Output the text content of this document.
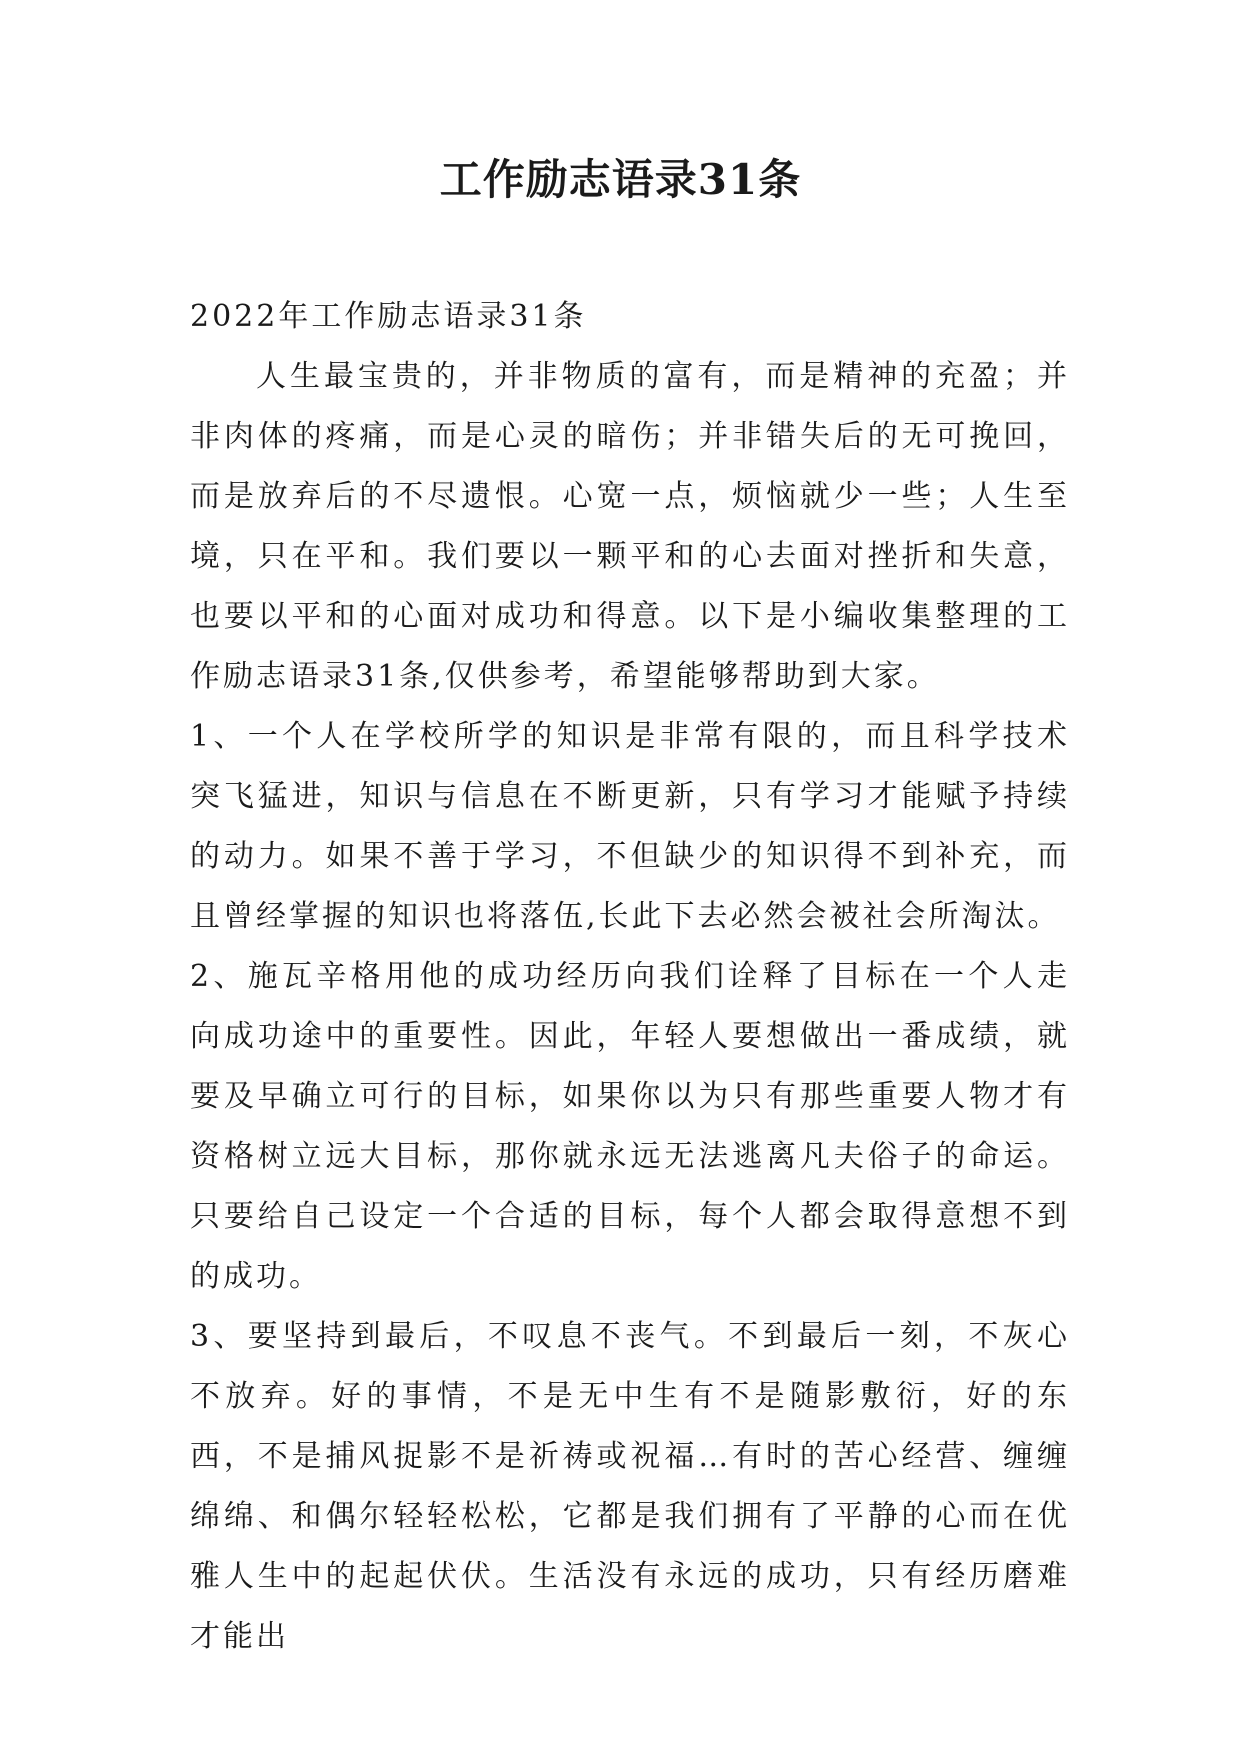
工作励志语录31条

2022年工作励志语录31条

人生最宝贵的，并非物质的富有，而是精神的充盈；并非肉体的疼痛，而是心灵的暗伤；并非错失后的无可挽回，而是放弃后的不尽遗恨。心宽一点，烦恼就少一些；人生至境，只在平和。我们要以一颗平和的心去面对挫折和失意，也要以平和的心面对成功和得意。以下是小编收集整理的工作励志语录31条,仅供参考，希望能够帮助到大家。

1、一个人在学校所学的知识是非常有限的，而且科学技术突飞猛进，知识与信息在不断更新，只有学习才能赋予持续的动力。如果不善于学习，不但缺少的知识得不到补充，而且曾经掌握的知识也将落伍,长此下去必然会被社会所淘汰。

2、施瓦辛格用他的成功经历向我们诠释了目标在一个人走向成功途中的重要性。因此，年轻人要想做出一番成绩，就要及早确立可行的目标，如果你以为只有那些重要人物才有资格树立远大目标，那你就永远无法逃离凡夫俗子的命运。只要给自己设定一个合适的目标，每个人都会取得意想不到的成功。

3、要坚持到最后，不叹息不丧气。不到最后一刻，不灰心不放弃。好的事情，不是无中生有不是随影敷衍，好的东西，不是捕风捉影不是祈祷或祝福…有时的苦心经营、缠缠绵绵、和偶尔轻轻松松，它都是我们拥有了平静的心而在优雅人生中的起起伏伏。生活没有永远的成功，只有经历磨难才能出
